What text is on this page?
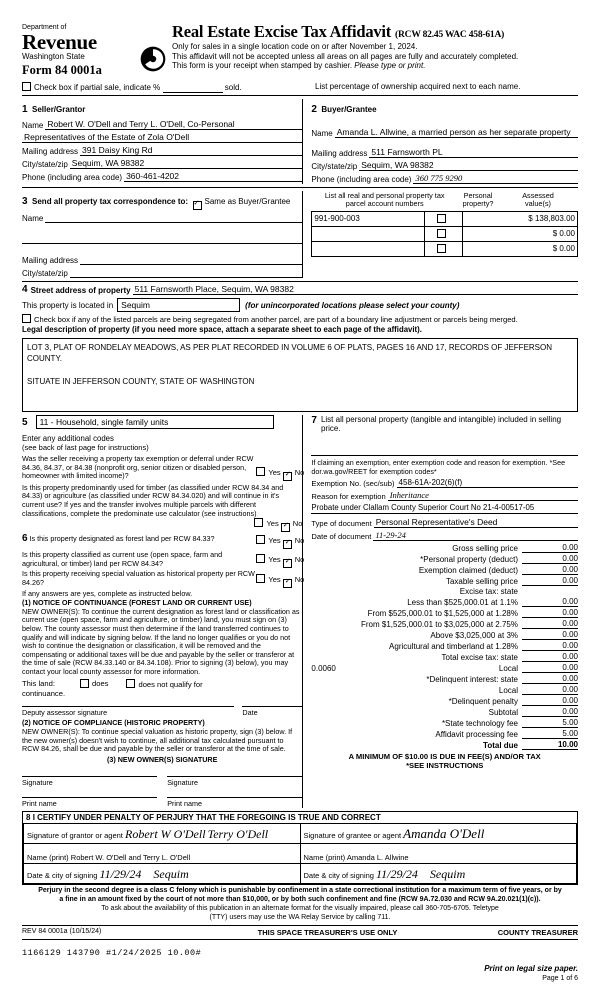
Department of
Revenue
Washington State
Form 84 0001a
Real Estate Excise Tax Affidavit (RCW 82.45 WAC 458-61A)
Only for sales in a single location code on or after November 1, 2024.
This affidavit will not be accepted unless all areas on all pages are fully and accurately completed.
This form is your receipt when stamped by cashier. Please type or print.
Check box if partial sale, indicate %	sold.	List percentage of ownership acquired next to each name.
1 Seller/Grantor
Name Robert W. O'Dell and Terry L. O'Dell, Co-Personal
Representatives of the Estate of Zola O'Dell
Mailing address 391 Daisy King Rd
City/state/zip Sequim, WA 98382
Phone (including area code) 360-461-4202
2 Buyer/Grantee
Name Amanda L. Allwine, a married person as her separate property
Mailing address 511 Farnsworth PL
City/state/zip Sequim, WA 98382
Phone (including area code) 360 775 9290
3 Send all property tax correspondence to: ✓ Same as Buyer/Grantee
Name

Mailing address

City/state/zip

List all real and personal property tax
parcel account numbers	Personal
property?	Assessed
value(s)
991-900-003		$ 138,803.00
		$ 0.00
		$ 0.00
4 Street address of property 511 Farnsworth Place, Sequim, WA 98382
This property is located in Sequim	(for unincorporated locations please select your county)
Check box if any of the listed parcels are being segregated from another parcel, are part of a boundary line adjustment or parcels being merged.
Legal description of property (if you need more space, attach a separate sheet to each page of the affidavit).
LOT 3, PLAT OF RONDELAY MEADOWS, AS PER PLAT RECORDED IN VOLUME 6 OF PLATS, PAGES 16 AND 17, RECORDS OF JEFFERSON COUNTY.
SITUATE IN JEFFERSON COUNTY, STATE OF WASHINGTON
5	11 - Household, single family units
Enter any additional codes
(see back of last page for instructions)
Was the seller receiving a property tax exemption or deferral under RCW 84.36, 84.37, or 84.38 (nonprofit org, senior citizen or disabled person, homeowner with limited income)?	Yes ✓ No
Is this property predominantly used for timber (as classified under RCW 84.34 and 84.33) or agriculture (as classified under RCW 84.34.020) and will continue in it's current use? If yes and the transfer involves multiple parcels with different classifications, complete the predominate use calculator (see instructions)
Yes ✓ No
6 Is this property designated as forest land per RCW 84.33?	Yes ✓ No
Is this property classified as current use (open space, farm and agricultural, or timber) land per RCW 84.34?	Yes ✓ No
Is this property receiving special valuation as historical property per RCW 84.26?	Yes ✓ No
If any answers are yes, complete as instructed below.
(1) NOTICE OF CONTINUANCE (FOREST LAND OR CURRENT USE)
NEW OWNER(S): To continue the current designation as forest land or classification as current use (open space, farm and agriculture, or timber) land, you must sign on (3) below. The county assessor must then determine if the land transferred continues to qualify and will indicate by signing below. If the land no longer qualifies or you do not wish to continue the designation or classification, it will be removed and the compensating or additional taxes will be due and payable by the seller or transferor at the time of sale (RCW 84.33.140 or 84.34.108). Prior to signing (3) below), you may contact your local county assessor for more information.
This land:	does	does not qualify for
continuance.
Deputy assessor signature	Date
(2) NOTICE OF COMPLIANCE (HISTORIC PROPERTY)
NEW OWNER(S): To continue special valuation as historic property, sign (3) below. If the new owner(s) doesn't wish to continue, all additional tax calculated pursuant to RCW 84.26, shall be due and payable by the seller or transferor at the time of sale.
(3) NEW OWNER(S) SIGNATURE
Signature	Signature
Print name	Print name
7 List all personal property (tangible and intangible) included in selling price.
If claiming an exemption, enter exemption code and reason for exemption. *See dor.wa.gov/REET for exemption codes*
Exemption No. (sec/sub) 458-61A-202(6)(f)
Reason for exemption Inheritance
Probate under Clallam County Superior Court No 21-4-00517-05
Type of document Personal Representative's Deed
Date of document 11-29-24
Gross selling price	0.00
*Personal property (deduct)	0.00
Exemption claimed (deduct)	0.00
Taxable selling price	0.00
Excise tax: state
Less than $525,000.01 at 1.1%	0.00
From $525,000.01 to $1,525,000 at 1.28%	0.00
From $1,525,000.01 to $3,025,000 at 2.75%	0.00
Above $3,025,000 at 3%	0.00
Agricultural and timberland at 1.28%	0.00
Total excise tax: state	0.00
0.0060	Local	0.00
*Delinquent interest: state	0.00
Local	0.00
*Delinquent penalty	0.00
Subtotal	0.00
*State technology fee	5.00
Affidavit processing fee	5.00
Total due	10.00
A MINIMUM OF $10.00 IS DUE IN FEE(S) AND/OR TAX
*SEE INSTRUCTIONS
8 I CERTIFY UNDER PENALTY OF PERJURY THAT THE FOREGOING IS TRUE AND CORRECT
Signature of grantor or agent Robert W O'Dell Terry O'Dell	Signature of grantee or agent Amanda O'Dell
Name (print) Robert W. O'Dell and Terry L. O'Dell	Name (print) Amanda L. Allwine
Date & city of signing 11/29/24 Sequim	Date & city of signing 11/29/24 Sequim
Perjury in the second degree is a class C felony which is punishable by confinement in a state correctional institution for a maximum term of five years, or by
a fine in an amount fixed by the court of not more than $10,000, or by both such confinement and fine (RCW 9A.72.030 and RCW 9A.20.021(1)(c)).
To ask about the availability of this publication in an alternate format for the visually impaired, please call 360-705-6705. Teletype
(TTY) users may use the WA Relay Service by calling 711.
REV 84 0001a (10/15/24)	THIS SPACE TREASURER'S USE ONLY	COUNTY TREASURER
1166129 143790 #1/24/2025 10.00#
Print on legal size paper.
Page 1 of 6
